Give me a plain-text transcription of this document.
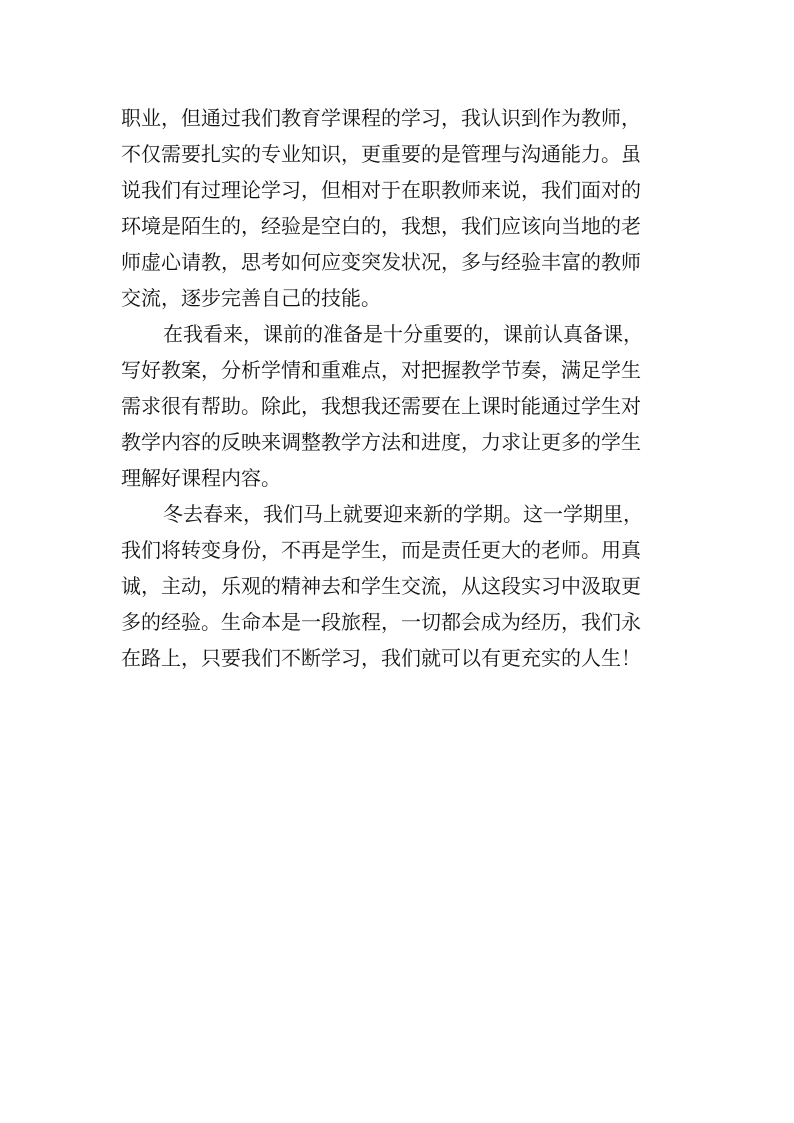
职业，但通过我们教育学课程的学习，我认识到作为教师，
不仅需要扎实的专业知识，更重要的是管理与沟通能力。虽
说我们有过理论学习，但相对于在职教师来说，我们面对的
环境是陌生的，经验是空白的，我想，我们应该向当地的老
师虚心请教，思考如何应变突发状况，多与经验丰富的教师
交流，逐步完善自己的技能。
在我看来，课前的准备是十分重要的，课前认真备课，
写好教案，分析学情和重难点，对把握教学节奏，满足学生
需求很有帮助。除此，我想我还需要在上课时能通过学生对
教学内容的反映来调整教学方法和进度，力求让更多的学生
理解好课程内容。
冬去春来，我们马上就要迎来新的学期。这一学期里，
我们将转变身份，不再是学生，而是责任更大的老师。用真
诚，主动，乐观的精神去和学生交流，从这段实习中汲取更
多的经验。生命本是一段旅程，一切都会成为经历，我们永
在路上，只要我们不断学习，我们就可以有更充实的人生！
